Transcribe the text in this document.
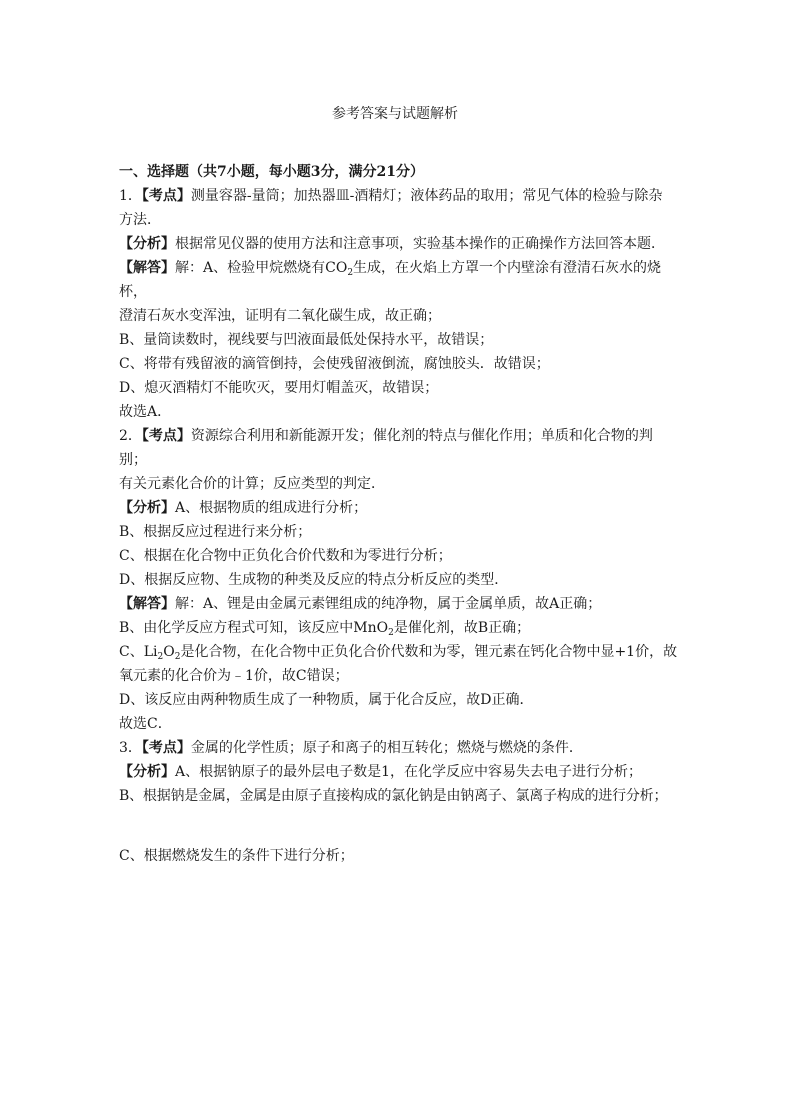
参考答案与试题解析

一、选择题（共7小题，每小题3分，满分21分）

1．【考点】测量容器-量筒；加热器皿-酒精灯；液体药品的取用；常见气体的检验与除杂

方法．

【分析】根据常见仪器的使用方法和注意事项，实验基本操作的正确操作方法回答本题．

【解答】解：A、检验甲烷燃烧有$CO_2$生成，在火焰上方罩一个内壁涂有澄清石灰水的烧杯，

澄清石灰水变浑浊，证明有二氧化碳生成，故正确；

B、量筒读数时，视线要与凹液面最低处保持水平，故错误；

C、将带有残留液的滴管倒持，会使残留液倒流，腐蚀胶头．故错误；

D、熄灭酒精灯不能吹灭，要用灯帽盖灭，故错误；

故选A．

2．【考点】资源综合利用和新能源开发；催化剂的特点与催化作用；单质和化合物的判别；

有关元素化合价的计算；反应类型的判定．

【分析】A、根据物质的组成进行分析；

B、根据反应过程进行来分析；

C、根据在化合物中正负化合价代数和为零进行分析；

D、根据反应物、生成物的种类及反应的特点分析反应的类型．

【解答】解：A、锂是由金属元素锂组成的纯净物，属于金属单质，故A正确；

B、由化学反应方程式可知，该反应中MnO$_2$是催化剂，故B正确；

C、$Li_2O_2$是化合物，在化合物中正负化合价代数和为零，锂元素在钙化合物中显+1价，故

氧元素的化合价为﹣1价，故C错误；

D、该反应由两种物质生成了一种物质，属于化合反应，故D正确．

故选C．

3．【考点】金属的化学性质；原子和离子的相互转化；燃烧与燃烧的条件．

【分析】A、根据钠原子的最外层电子数是1，在化学反应中容易失去电子进行分析；

B、根据钠是金属，金属是由原子直接构成的氯化钠是由钠离子、氯离子构成的进行分析；

C、根据燃烧发生的条件下进行分析；
